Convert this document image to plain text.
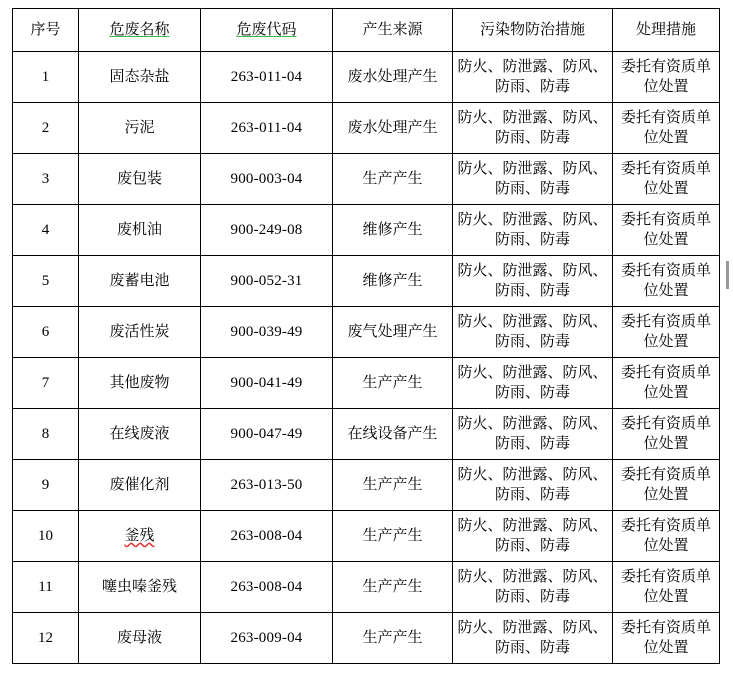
序号	危废名称	危废代码	产生来源	污染物防治措施	处理措施
1	固态杂盐	263-011-04	废水处理产生	防火、防泄露、防风、防雨、防毒	委托有资质单位处置
2	污泥	263-011-04	废水处理产生	防火、防泄露、防风、防雨、防毒	委托有资质单位处置
3	废包装	900-003-04	生产产生	防火、防泄露、防风、防雨、防毒	委托有资质单位处置
4	废机油	900-249-08	维修产生	防火、防泄露、防风、防雨、防毒	委托有资质单位处置
5	废蓄电池	900-052-31	维修产生	防火、防泄露、防风、防雨、防毒	委托有资质单位处置
6	废活性炭	900-039-49	废气处理产生	防火、防泄露、防风、防雨、防毒	委托有资质单位处置
7	其他废物	900-041-49	生产产生	防火、防泄露、防风、防雨、防毒	委托有资质单位处置
8	在线废液	900-047-49	在线设备产生	防火、防泄露、防风、防雨、防毒	委托有资质单位处置
9	废催化剂	263-013-50	生产产生	防火、防泄露、防风、防雨、防毒	委托有资质单位处置
10	釜残	263-008-04	生产产生	防火、防泄露、防风、防雨、防毒	委托有资质单位处置
11	噻虫嗪釜残	263-008-04	生产产生	防火、防泄露、防风、防雨、防毒	委托有资质单位处置
12	废母液	263-009-04	生产产生	防火、防泄露、防风、防雨、防毒	委托有资质单位处置
